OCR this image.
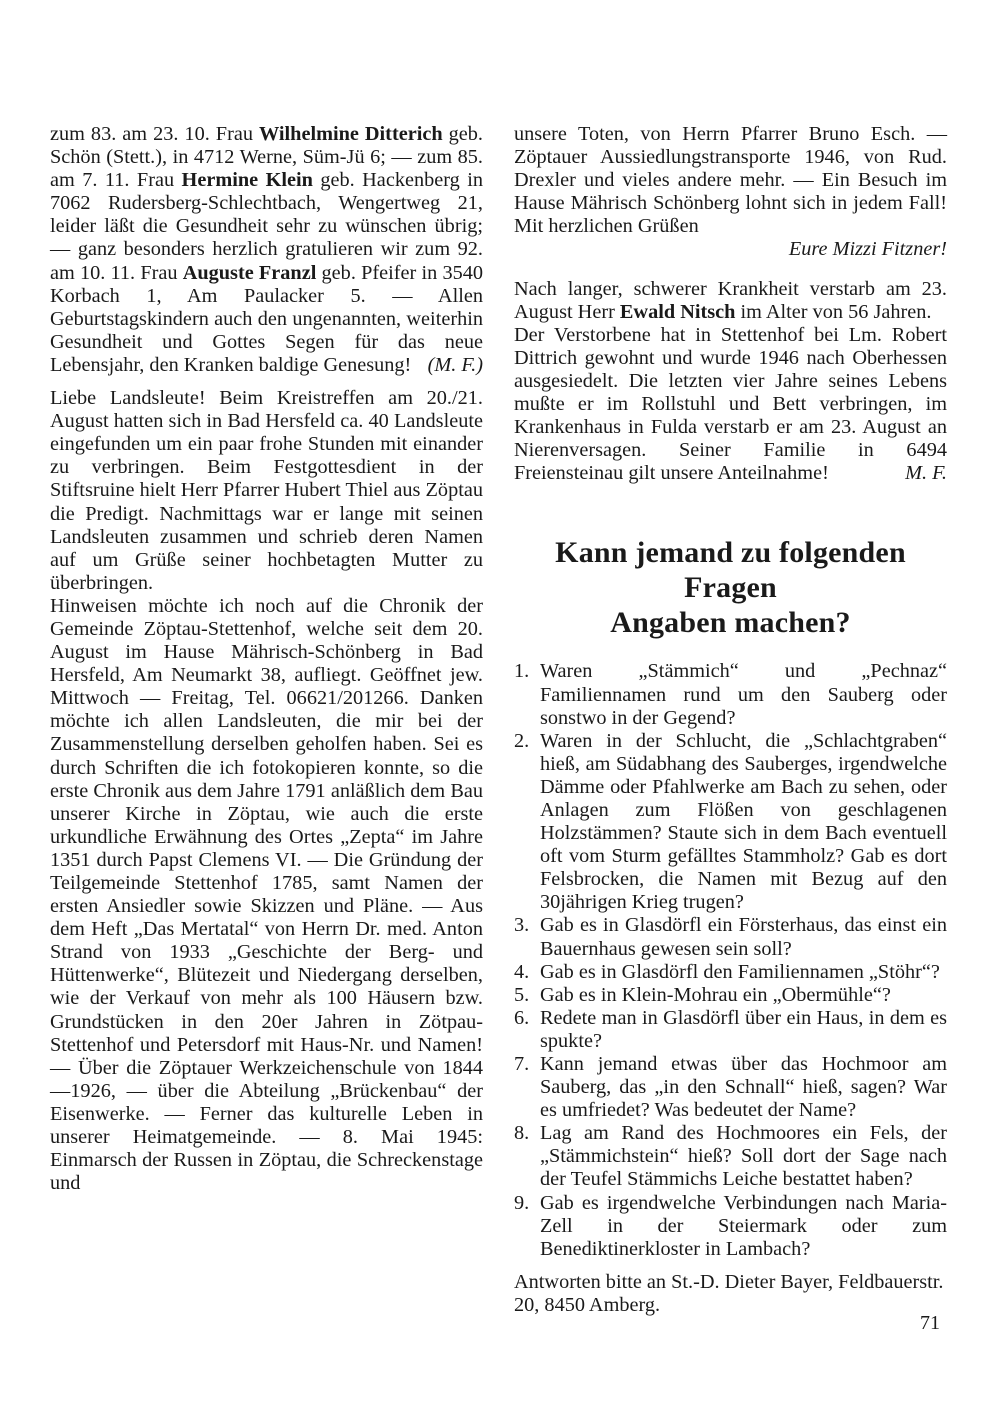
zum 83. am 23. 10. Frau Wilhelmine Ditterich geb. Schön (Stett.), in 4712 Werne, Süm-Jü 6; — zum 85. am 7. 11. Frau Hermine Klein geb. Hackenberg in 7062 Rudersberg-Schlechtbach, Wengertweg 21, leider läßt die Gesundheit sehr zu wünschen übrig; — ganz besonders herzlich gratulieren wir zum 92. am 10. 11. Frau Auguste Franzl geb. Pfeifer in 3540 Korbach 1, Am Paulacker 5. — Allen Geburtstagskindern auch den ungenannten, weiterhin Gesundheit und Gottes Segen für das neue Lebensjahr, den Kranken baldige Genesung! (M. F.)

Liebe Landsleute! Beim Kreistreffen am 20./21. August hatten sich in Bad Hersfeld ca. 40 Landsleute eingefunden um ein paar frohe Stunden mit einander zu verbringen. Beim Festgottesdient in der Stiftsruine hielt Herr Pfarrer Hubert Thiel aus Zöptau die Predigt. Nachmittags war er lange mit seinen Landsleuten zusammen und schrieb deren Namen auf um Grüße seiner hochbetagten Mutter zu überbringen.

Hinweisen möchte ich noch auf die Chronik der Gemeinde Zöptau-Stettenhof, welche seit dem 20. August im Hause Mährisch-Schönberg in Bad Hersfeld, Am Neumarkt 38, aufliegt. Geöffnet jew. Mittwoch — Freitag, Tel. 06621/201266. Danken möchte ich allen Landsleuten, die mir bei der Zusammenstellung derselben geholfen haben. Sei es durch Schriften die ich fotokopieren konnte, so die erste Chronik aus dem Jahre 1791 anläßlich dem Bau unserer Kirche in Zöptau, wie auch die erste urkundliche Erwähnung des Ortes „Zepta“ im Jahre 1351 durch Papst Clemens VI. — Die Gründung der Teilgemeinde Stettenhof 1785, samt Namen der ersten Ansiedler sowie Skizzen und Pläne. — Aus dem Heft „Das Mertatal“ von Herrn Dr. med. Anton Strand von 1933 „Geschichte der Berg- und Hüttenwerke“, Blütezeit und Niedergang derselben, wie der Verkauf von mehr als 100 Häusern bzw. Grundstücken in den 20er Jahren in Zötpau-Stettenhof und Petersdorf mit Haus-Nr. und Namen! — Über die Zöptauer Werkzeichenschule von 1844—1926, — über die Abteilung „Brückenbau“ der Eisenwerke. — Ferner das kulturelle Leben in unserer Heimatgemeinde. — 8. Mai 1945: Einmarsch der Russen in Zöptau, die Schreckenstage und

unsere Toten, von Herrn Pfarrer Bruno Esch. — Zöptauer Aussiedlungstransporte 1946, von Rud. Drexler und vieles andere mehr. — Ein Besuch im Hause Mährisch Schönberg lohnt sich in jedem Fall! Mit herzlichen Grüßen

Eure Mizzi Fitzner!

Nach langer, schwerer Krankheit verstarb am 23. August Herr Ewald Nitsch im Alter von 56 Jahren.

Der Verstorbene hat in Stettenhof bei Lm. Robert Dittrich gewohnt und wurde 1946 nach Oberhessen ausgesiedelt. Die letzten vier Jahre seines Lebens mußte er im Rollstuhl und Bett verbringen, im Krankenhaus in Fulda verstarb er am 23. August an Nierenversagen. Seiner Familie in 6494 Freiensteinau gilt unsere Anteilnahme!	M. F.

Kann jemand zu folgenden Fragen
Angaben machen?
1. Waren „Stämmich“ und „Pechnaz“ Familiennamen rund um den Sauberg oder sonstwo in der Gegend?
2. Waren in der Schlucht, die „Schlachtgraben“ hieß, am Südabhang des Sauberges, irgendwelche Dämme oder Pfahlwerke am Bach zu sehen, oder Anlagen zum Flößen von geschlagenen Holzstämmen? Staute sich in dem Bach eventuell oft vom Sturm gefälltes Stammholz? Gab es dort Felsbrocken, die Namen mit Bezug auf den 30jährigen Krieg trugen?
3. Gab es in Glasdörfl ein Försterhaus, das einst ein Bauernhaus gewesen sein soll?
4. Gab es in Glasdörfl den Familiennamen „Stöhr“?
5. Gab es in Klein-Mohrau ein „Obermühle“?
6. Redete man in Glasdörfl über ein Haus, in dem es spukte?
7. Kann jemand etwas über das Hochmoor am Sauberg, das „in den Schnall“ hieß, sagen? War es umfriedet? Was bedeutet der Name?
8. Lag am Rand des Hochmoores ein Fels, der „Stämmichstein“ hieß? Soll dort der Sage nach der Teufel Stämmichs Leiche bestattet haben?
9. Gab es irgendwelche Verbindungen nach Maria-Zell in der Steiermark oder zum Benediktinerkloster in Lambach?

Antworten bitte an St.-D. Dieter Bayer, Feldbauerstr. 20, 8450 Amberg.

71
